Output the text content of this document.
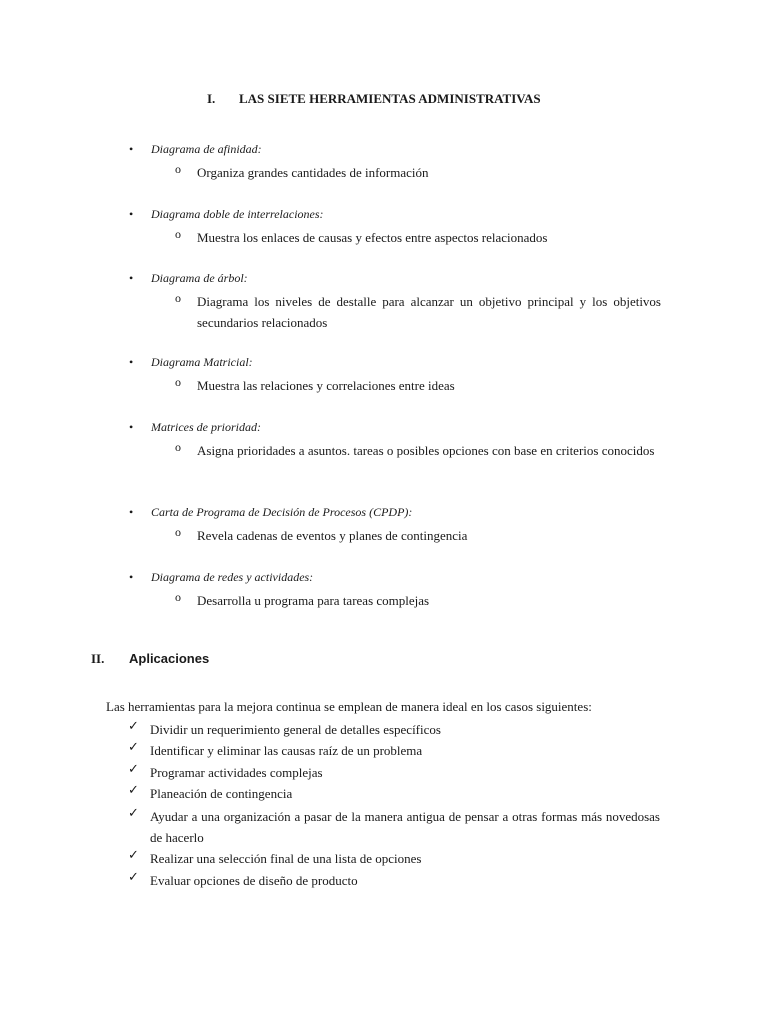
I. LAS SIETE HERRAMIENTAS ADMINISTRATIVAS
• Diagrama de afinidad:
o Organiza grandes cantidades de información
• Diagrama doble de interrelaciones:
o Muestra los enlaces de causas y efectos entre aspectos relacionados
• Diagrama de árbol:
o Diagrama los niveles de destalle para alcanzar un objetivo principal y los objetivos secundarios relacionados
• Diagrama Matricial:
o Muestra las relaciones y correlaciones entre ideas
• Matrices de prioridad:
o Asigna prioridades a asuntos. tareas o posibles opciones con base en criterios conocidos
• Carta de Programa de Decisión de Procesos (CPDP):
o Revela cadenas de eventos y planes de contingencia
• Diagrama de redes y actividades:
o Desarrolla u programa para tareas complejas
II. Aplicaciones
Las herramientas para la mejora continua se emplean de manera ideal en los casos siguientes:
✓ Dividir un requerimiento general de detalles específicos
✓ Identificar y eliminar las causas raíz de un problema
✓ Programar actividades complejas
✓ Planeación de contingencia
✓ Ayudar a una organización a pasar de la manera antigua de pensar a otras formas más novedosas de hacerlo
✓ Realizar una selección final de una lista de opciones
✓ Evaluar opciones de diseño de producto
